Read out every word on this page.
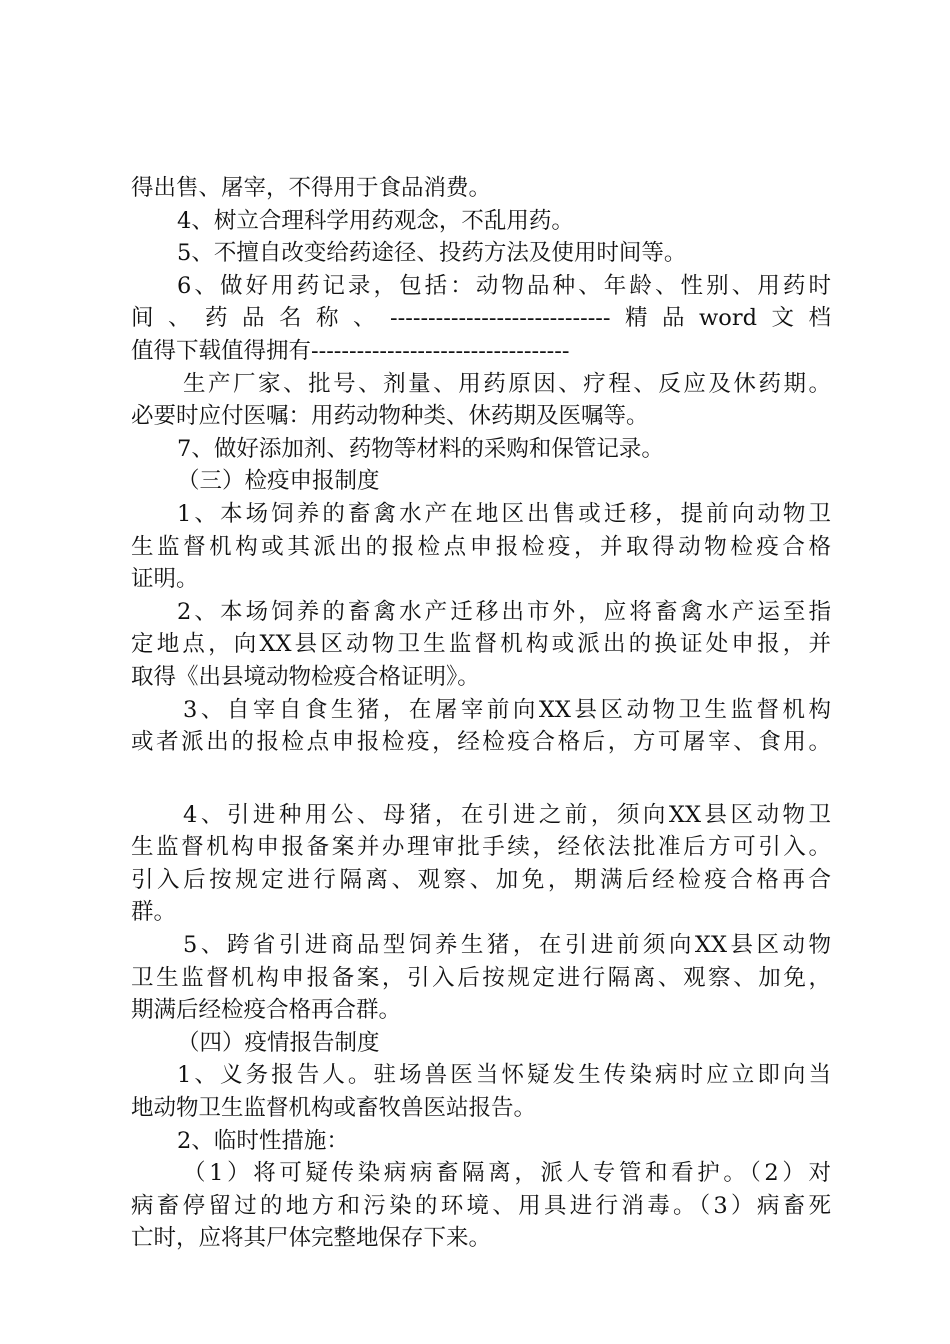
得出售、屠宰，不得用于食品消费。
4、树立合理科学用药观念，不乱用药。
5、不擅自改变给药途径、投药方法及使用时间等。
6、做好用药记录，包括：动物品种、年龄、性别、用药时
间、药品名称、-----------------------------精品word文档
值得下载值得拥有----------------------------------
生产厂家、批号、剂量、用药原因、疗程、反应及休药期。
必要时应付医嘱：用药动物种类、休药期及医嘱等。
7、做好添加剂、药物等材料的采购和保管记录。
（三）检疫申报制度
1、本场饲养的畜禽水产在地区出售或迁移，提前向动物卫
生监督机构或其派出的报检点申报检疫，并取得动物检疫合格
证明。
2、本场饲养的畜禽水产迁移出市外，应将畜禽水产运至指
定地点，向XX县区动物卫生监督机构或派出的换证处申报，并
取得《出县境动物检疫合格证明》。
3、自宰自食生猪，在屠宰前向XX县区动物卫生监督机构
或者派出的报检点申报检疫，经检疫合格后，方可屠宰、食用。
4、引进种用公、母猪，在引进之前，须向XX县区动物卫
生监督机构申报备案并办理审批手续，经依法批准后方可引入。
引入后按规定进行隔离、观察、加免，期满后经检疫合格再合
群。
5、跨省引进商品型饲养生猪，在引进前须向XX县区动物
卫生监督机构申报备案，引入后按规定进行隔离、观察、加免，
期满后经检疫合格再合群。
（四）疫情报告制度
1、义务报告人。驻场兽医当怀疑发生传染病时应立即向当
地动物卫生监督机构或畜牧兽医站报告。
2、临时性措施：
（1）将可疑传染病病畜隔离，派人专管和看护。（2）对
病畜停留过的地方和污染的环境、用具进行消毒。（3）病畜死
亡时，应将其尸体完整地保存下来。
